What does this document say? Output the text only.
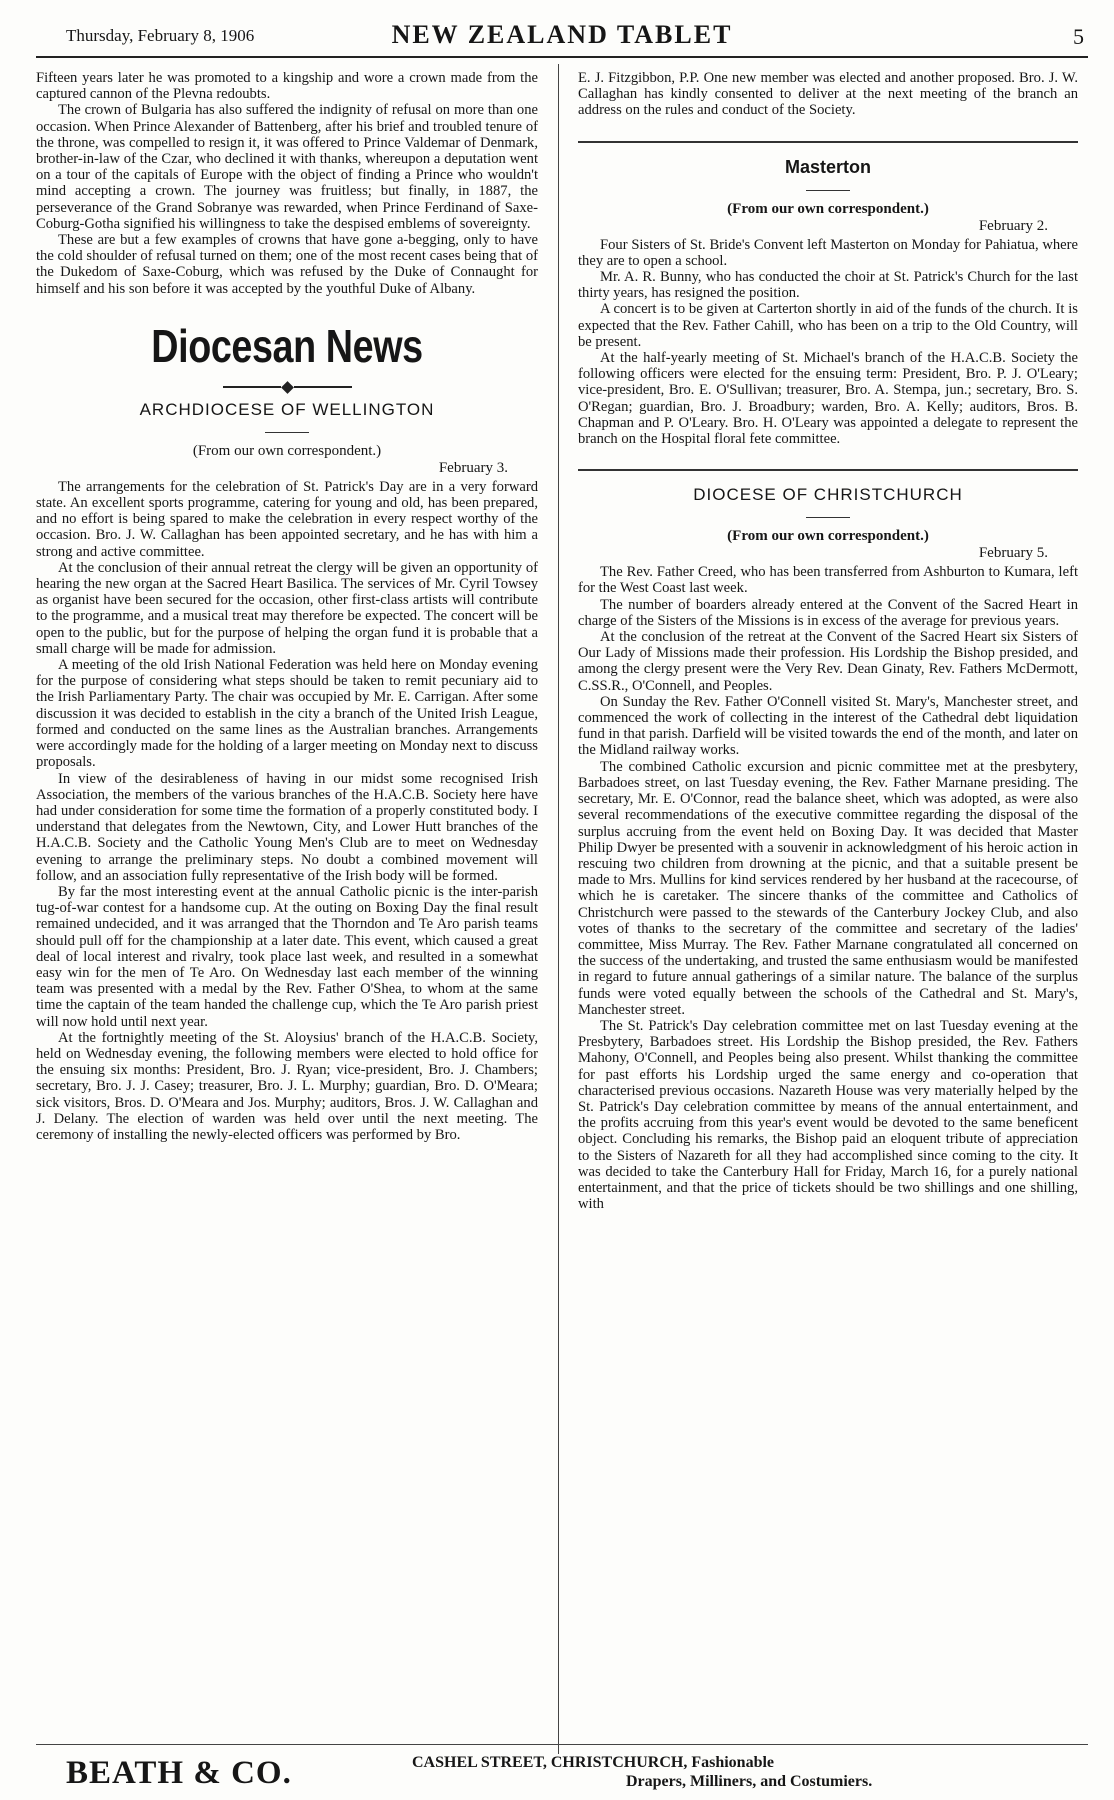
Thursday, February 8, 1906	NEW ZEALAND TABLET	5

Fifteen years later he was promoted to a kingship and wore a crown made from the captured cannon of the Plevna redoubts.

The crown of Bulgaria has also suffered the indignity of refusal on more than one occasion. When Prince Alexander of Battenberg, after his brief and troubled tenure of the throne, was compelled to resign it, it was offered to Prince Valdemar of Denmark, brother-in-law of the Czar, who declined it with thanks, whereupon a deputation went on a tour of the capitals of Europe with the object of finding a Prince who wouldn't mind accepting a crown. The journey was fruitless; but finally, in 1887, the perseverance of the Grand Sobranye was rewarded, when Prince Ferdinand of Saxe-Coburg-Gotha signified his willingness to take the despised emblems of sovereignty.

These are but a few examples of crowns that have gone a-begging, only to have the cold shoulder of refusal turned on them; one of the most recent cases being that of the Dukedom of Saxe-Coburg, which was refused by the Duke of Connaught for himself and his son before it was accepted by the youthful Duke of Albany.

Diocesan News
ARCHDIOCESE OF WELLINGTON
(From our own correspondent.)
February 3.

The arrangements for the celebration of St. Patrick's Day are in a very forward state. An excellent sports programme, catering for young and old, has been prepared, and no effort is being spared to make the celebration in every respect worthy of the occasion. Bro. J. W. Callaghan has been appointed secretary, and he has with him a strong and active committee.

At the conclusion of their annual retreat the clergy will be given an opportunity of hearing the new organ at the Sacred Heart Basilica. The services of Mr. Cyril Towsey as organist have been secured for the occasion, other first-class artists will contribute to the programme, and a musical treat may therefore be expected. The concert will be open to the public, but for the purpose of helping the organ fund it is probable that a small charge will be made for admission.

A meeting of the old Irish National Federation was held here on Monday evening for the purpose of considering what steps should be taken to remit pecuniary aid to the Irish Parliamentary Party. The chair was occupied by Mr. E. Carrigan. After some discussion it was decided to establish in the city a branch of the United Irish League, formed and conducted on the same lines as the Australian branches. Arrangements were accordingly made for the holding of a larger meeting on Monday next to discuss proposals.

In view of the desirableness of having in our midst some recognised Irish Association, the members of the various branches of the H.A.C.B. Society here have had under consideration for some time the formation of a properly constituted body. I understand that delegates from the Newtown, City, and Lower Hutt branches of the H.A.C.B. Society and the Catholic Young Men's Club are to meet on Wednesday evening to arrange the preliminary steps. No doubt a combined movement will follow, and an association fully representative of the Irish body will be formed.

By far the most interesting event at the annual Catholic picnic is the inter-parish tug-of-war contest for a handsome cup. At the outing on Boxing Day the final result remained undecided, and it was arranged that the Thorndon and Te Aro parish teams should pull off for the championship at a later date. This event, which caused a great deal of local interest and rivalry, took place last week, and resulted in a somewhat easy win for the men of Te Aro. On Wednesday last each member of the winning team was presented with a medal by the Rev. Father O'Shea, to whom at the same time the captain of the team handed the challenge cup, which the Te Aro parish priest will now hold until next year.

At the fortnightly meeting of the St. Aloysius' branch of the H.A.C.B. Society, held on Wednesday evening, the following members were elected to hold office for the ensuing six months: President, Bro. J. Ryan; vice-president, Bro. J. Chambers; secretary, Bro. J. J. Casey; treasurer, Bro. J. L. Murphy; guardian, Bro. D. O'Meara; sick visitors, Bros. D. O'Meara and Jos. Murphy; auditors, Bros. J. W. Callaghan and J. Delany. The election of warden was held over until the next meeting. The ceremony of installing the newly-elected officers was performed by Bro.

E. J. Fitzgibbon, P.P. One new member was elected and another proposed. Bro. J. W. Callaghan has kindly consented to deliver at the next meeting of the branch an address on the rules and conduct of the Society.

Masterton
(From our own correspondent.)
February 2.

Four Sisters of St. Bride's Convent left Masterton on Monday for Pahiatua, where they are to open a school.

Mr. A. R. Bunny, who has conducted the choir at St. Patrick's Church for the last thirty years, has resigned the position.

A concert is to be given at Carterton shortly in aid of the funds of the church. It is expected that the Rev. Father Cahill, who has been on a trip to the Old Country, will be present.

At the half-yearly meeting of St. Michael's branch of the H.A.C.B. Society the following officers were elected for the ensuing term: President, Bro. P. J. O'Leary; vice-president, Bro. E. O'Sullivan; treasurer, Bro. A. Stempa, jun.; secretary, Bro. S. O'Regan; guardian, Bro. J. Broadbury; warden, Bro. A. Kelly; auditors, Bros. B. Chapman and P. O'Leary. Bro. H. O'Leary was appointed a delegate to represent the branch on the Hospital floral fete committee.

DIOCESE OF CHRISTCHURCH
(From our own correspondent.)
February 5.

The Rev. Father Creed, who has been transferred from Ashburton to Kumara, left for the West Coast last week.

The number of boarders already entered at the Convent of the Sacred Heart in charge of the Sisters of the Missions is in excess of the average for previous years.

At the conclusion of the retreat at the Convent of the Sacred Heart six Sisters of Our Lady of Missions made their profession. His Lordship the Bishop presided, and among the clergy present were the Very Rev. Dean Ginaty, Rev. Fathers McDermott, C.SS.R., O'Connell, and Peoples.

On Sunday the Rev. Father O'Connell visited St. Mary's, Manchester street, and commenced the work of collecting in the interest of the Cathedral debt liquidation fund in that parish. Darfield will be visited towards the end of the month, and later on the Midland railway works.

The combined Catholic excursion and picnic committee met at the presbytery, Barbadoes street, on last Tuesday evening, the Rev. Father Marnane presiding. The secretary, Mr. E. O'Connor, read the balance sheet, which was adopted, as were also several recommendations of the executive committee regarding the disposal of the surplus accruing from the event held on Boxing Day. It was decided that Master Philip Dwyer be presented with a souvenir in acknowledgment of his heroic action in rescuing two children from drowning at the picnic, and that a suitable present be made to Mrs. Mullins for kind services rendered by her husband at the racecourse, of which he is caretaker. The sincere thanks of the committee and Catholics of Christchurch were passed to the stewards of the Canterbury Jockey Club, and also votes of thanks to the secretary of the committee and secretary of the ladies' committee, Miss Murray. The Rev. Father Marnane congratulated all concerned on the success of the undertaking, and trusted the same enthusiasm would be manifested in regard to future annual gatherings of a similar nature. The balance of the surplus funds were voted equally between the schools of the Cathedral and St. Mary's, Manchester street.

The St. Patrick's Day celebration committee met on last Tuesday evening at the Presbytery, Barbadoes street. His Lordship the Bishop presided, the Rev. Fathers Mahony, O'Connell, and Peoples being also present. Whilst thanking the committee for past efforts his Lordship urged the same energy and co-operation that characterised previous occasions. Nazareth House was very materially helped by the St. Patrick's Day celebration committee by means of the annual entertainment, and the profits accruing from this year's event would be devoted to the same beneficent object. Concluding his remarks, the Bishop paid an eloquent tribute of appreciation to the Sisters of Nazareth for all they had accomplished since coming to the city. It was decided to take the Canterbury Hall for Friday, March 16, for a purely national entertainment, and that the price of tickets should be two shillings and one shilling, with

BEATH & CO.	CASHEL STREET, CHRISTCHURCH, Fashionable
Drapers, Milliners, and Costumiers.
